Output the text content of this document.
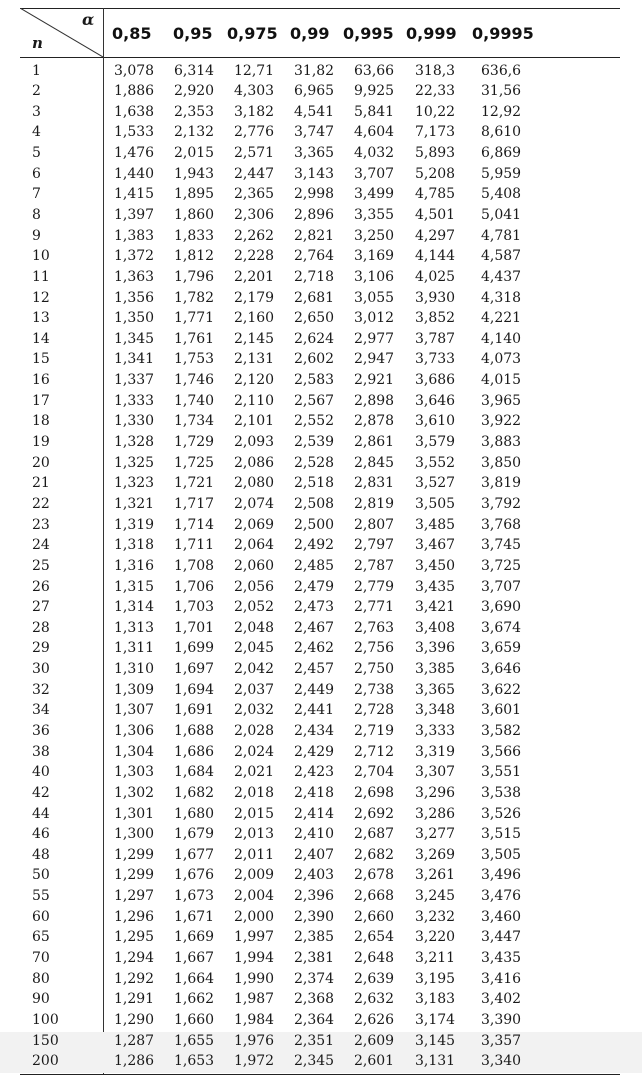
α
n	0,85 0,95 0,975 0,99 0,995 0,999 0,9995
1	3,078 6,314 12,71 31,82 63,66 318,3 636,6
2	1,886 2,920 4,303 6,965 9,925 22,33 31,56
3	1,638 2,353 3,182 4,541 5,841 10,22 12,92
4	1,533 2,132 2,776 3,747 4,604 7,173 8,610
5	1,476 2,015 2,571 3,365 4,032 5,893 6,869
6	1,440 1,943 2,447 3,143 3,707 5,208 5,959
7	1,415 1,895 2,365 2,998 3,499 4,785 5,408
8	1,397 1,860 2,306 2,896 3,355 4,501 5,041
9	1,383 1,833 2,262 2,821 3,250 4,297 4,781
10	1,372 1,812 2,228 2,764 3,169 4,144 4,587
11	1,363 1,796 2,201 2,718 3,106 4,025 4,437
12	1,356 1,782 2,179 2,681 3,055 3,930 4,318
13	1,350 1,771 2,160 2,650 3,012 3,852 4,221
14	1,345 1,761 2,145 2,624 2,977 3,787 4,140
15	1,341 1,753 2,131 2,602 2,947 3,733 4,073
16	1,337 1,746 2,120 2,583 2,921 3,686 4,015
17	1,333 1,740 2,110 2,567 2,898 3,646 3,965
18	1,330 1,734 2,101 2,552 2,878 3,610 3,922
19	1,328 1,729 2,093 2,539 2,861 3,579 3,883
20	1,325 1,725 2,086 2,528 2,845 3,552 3,850
21	1,323 1,721 2,080 2,518 2,831 3,527 3,819
22	1,321 1,717 2,074 2,508 2,819 3,505 3,792
23	1,319 1,714 2,069 2,500 2,807 3,485 3,768
24	1,318 1,711 2,064 2,492 2,797 3,467 3,745
25	1,316 1,708 2,060 2,485 2,787 3,450 3,725
26	1,315 1,706 2,056 2,479 2,779 3,435 3,707
27	1,314 1,703 2,052 2,473 2,771 3,421 3,690
28	1,313 1,701 2,048 2,467 2,763 3,408 3,674
29	1,311 1,699 2,045 2,462 2,756 3,396 3,659
30	1,310 1,697 2,042 2,457 2,750 3,385 3,646
32	1,309 1,694 2,037 2,449 2,738 3,365 3,622
34	1,307 1,691 2,032 2,441 2,728 3,348 3,601
36	1,306 1,688 2,028 2,434 2,719 3,333 3,582
38	1,304 1,686 2,024 2,429 2,712 3,319 3,566
40	1,303 1,684 2,021 2,423 2,704 3,307 3,551
42	1,302 1,682 2,018 2,418 2,698 3,296 3,538
44	1,301 1,680 2,015 2,414 2,692 3,286 3,526
46	1,300 1,679 2,013 2,410 2,687 3,277 3,515
48	1,299 1,677 2,011 2,407 2,682 3,269 3,505
50	1,299 1,676 2,009 2,403 2,678 3,261 3,496
55	1,297 1,673 2,004 2,396 2,668 3,245 3,476
60	1,296 1,671 2,000 2,390 2,660 3,232 3,460
65	1,295 1,669 1,997 2,385 2,654 3,220 3,447
70	1,294 1,667 1,994 2,381 2,648 3,211 3,435
80	1,292 1,664 1,990 2,374 2,639 3,195 3,416
90	1,291 1,662 1,987 2,368 2,632 3,183 3,402
100	1,290 1,660 1,984 2,364 2,626 3,174 3,390
150	1,287 1,655 1,976 2,351 2,609 3,145 3,357
200	1,286 1,653 1,972 2,345 2,601 3,131 3,340
